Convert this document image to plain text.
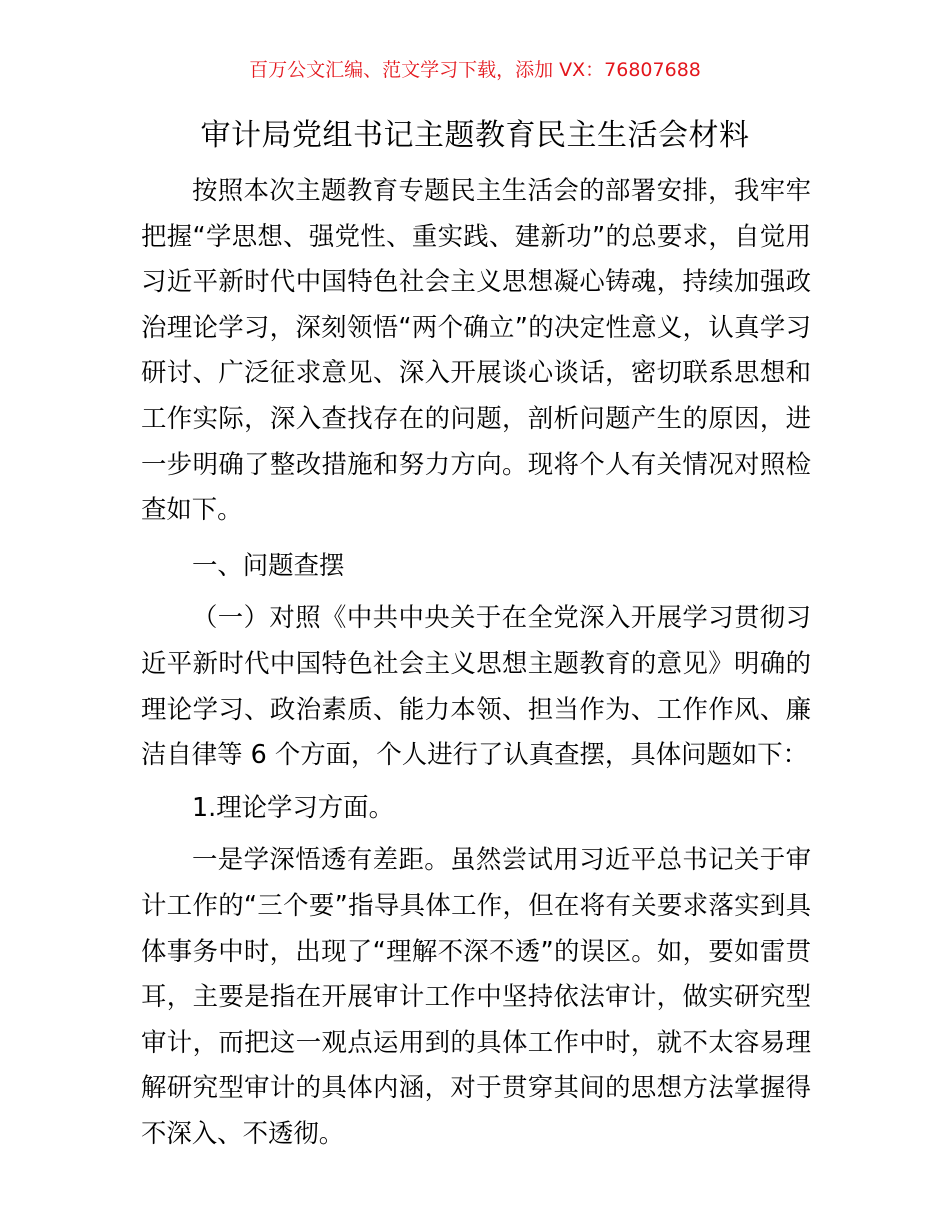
百万公文汇编、范文学习下载，添加 VX：76807688
审计局党组书记主题教育民主生活会材料

按照本次主题教育专题民主生活会的部署安排，我牢牢把握“学思想、强党性、重实践、建新功”的总要求，自觉用习近平新时代中国特色社会主义思想凝心铸魂，持续加强政治理论学习，深刻领悟“两个确立”的决定性意义，认真学习研讨、广泛征求意见、深入开展谈心谈话，密切联系思想和工作实际，深入查找存在的问题，剖析问题产生的原因，进一步明确了整改措施和努力方向。现将个人有关情况对照检查如下。

一、问题查摆

（一）对照《中共中央关于在全党深入开展学习贯彻习近平新时代中国特色社会主义思想主题教育的意见》明确的理论学习、政治素质、能力本领、担当作为、工作作风、廉洁自律等 6 个方面，个人进行了认真查摆，具体问题如下：

1.理论学习方面。

一是学深悟透有差距。虽然尝试用习近平总书记关于审计工作的“三个要”指导具体工作，但在将有关要求落实到具体事务中时，出现了“理解不深不透”的误区。如，要如雷贯耳，主要是指在开展审计工作中坚持依法审计，做实研究型审计，而把这一观点运用到的具体工作中时，就不太容易理解研究型审计的具体内涵，对于贯穿其间的思想方法掌握得不深入、不透彻。
